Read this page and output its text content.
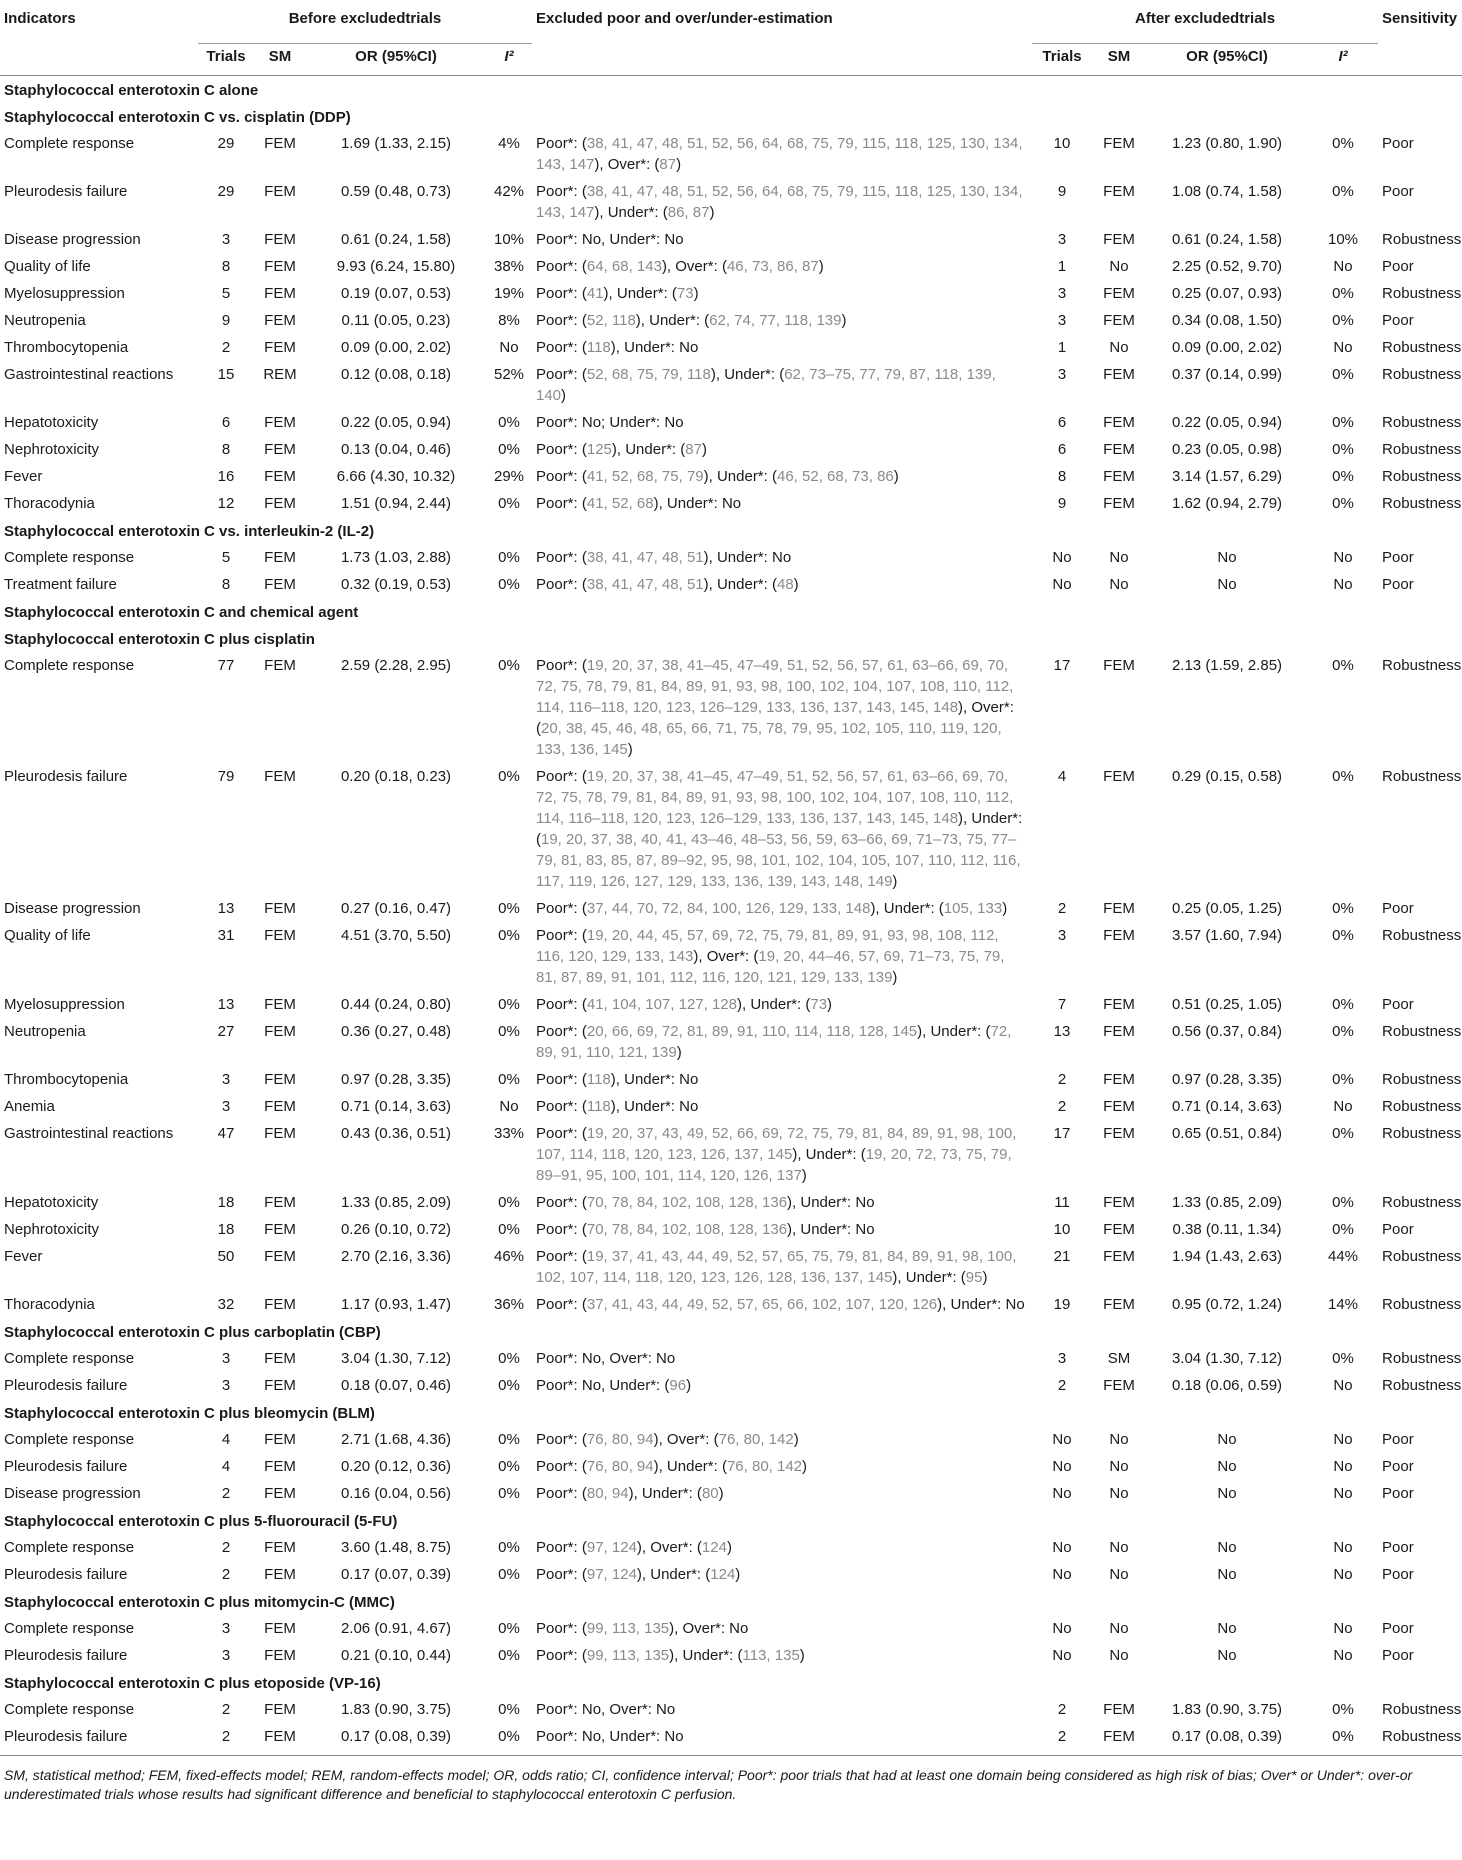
Indicators	Before excludedtrials				Excluded poor and over/under-estimation	After excludedtrials				Sensitivity
	Trials	SM	OR (95%CI)	I²		Trials	SM	OR (95%CI)	I²	
Staphylococcal enterotoxin C alone										
Staphylococcal enterotoxin C vs. cisplatin (DDP)										
Complete response	29	FEM	1.69 (1.33, 2.15)	4%	Poor*: (38, 41, 47, 48, 51, 52, 56, 64, 68, 75, 79, 115, 118, 125, 130, 134, 143, 147), Over*: (87)	10	FEM	1.23 (0.80, 1.90)	0%	Poor
Pleurodesis failure	29	FEM	0.59 (0.48, 0.73)	42%	Poor*: (38, 41, 47, 48, 51, 52, 56, 64, 68, 75, 79, 115, 118, 125, 130, 134, 143, 147), Under*: (86, 87)	9	FEM	1.08 (0.74, 1.58)	0%	Poor
Disease progression	3	FEM	0.61 (0.24, 1.58)	10%	Poor*: No, Under*: No	3	FEM	0.61 (0.24, 1.58)	10%	Robustness
Quality of life	8	FEM	9.93 (6.24, 15.80)	38%	Poor*: (64, 68, 143), Over*: (46, 73, 86, 87)	1	No	2.25 (0.52, 9.70)	No	Poor
Myelosuppression	5	FEM	0.19 (0.07, 0.53)	19%	Poor*: (41), Under*: (73)	3	FEM	0.25 (0.07, 0.93)	0%	Robustness
Neutropenia	9	FEM	0.11 (0.05, 0.23)	8%	Poor*: (52, 118), Under*: (62, 74, 77, 118, 139)	3	FEM	0.34 (0.08, 1.50)	0%	Poor
Thrombocytopenia	2	FEM	0.09 (0.00, 2.02)	No	Poor*: (118), Under*: No	1	No	0.09 (0.00, 2.02)	No	Robustness
Gastrointestinal reactions	15	REM	0.12 (0.08, 0.18)	52%	Poor*: (52, 68, 75, 79, 118), Under*: (62, 73–75, 77, 79, 87, 118, 139, 140)	3	FEM	0.37 (0.14, 0.99)	0%	Robustness
Hepatotoxicity	6	FEM	0.22 (0.05, 0.94)	0%	Poor*: No; Under*: No	6	FEM	0.22 (0.05, 0.94)	0%	Robustness
Nephrotoxicity	8	FEM	0.13 (0.04, 0.46)	0%	Poor*: (125), Under*: (87)	6	FEM	0.23 (0.05, 0.98)	0%	Robustness
Fever	16	FEM	6.66 (4.30, 10.32)	29%	Poor*: (41, 52, 68, 75, 79), Under*: (46, 52, 68, 73, 86)	8	FEM	3.14 (1.57, 6.29)	0%	Robustness
Thoracodynia	12	FEM	1.51 (0.94, 2.44)	0%	Poor*: (41, 52, 68), Under*: No	9	FEM	1.62 (0.94, 2.79)	0%	Robustness
Staphylococcal enterotoxin C vs. interleukin-2 (IL-2)										
Complete response	5	FEM	1.73 (1.03, 2.88)	0%	Poor*: (38, 41, 47, 48, 51), Under*: No	No	No	No	No	Poor
Treatment failure	8	FEM	0.32 (0.19, 0.53)	0%	Poor*: (38, 41, 47, 48, 51), Under*: (48)	No	No	No	No	Poor
Staphylococcal enterotoxin C and chemical agent										
Staphylococcal enterotoxin C plus cisplatin										
Complete response	77	FEM	2.59 (2.28, 2.95)	0%	Poor*: (19, 20, 37, 38, 41–45, 47–49, 51, 52, 56, 57, 61, 63–66, 69, 70, 72, 75, 78, 79, 81, 84, 89, 91, 93, 98, 100, 102, 104, 107, 108, 110, 112, 114, 116–118, 120, 123, 126–129, 133, 136, 137, 143, 145, 148), Over*: (20, 38, 45, 46, 48, 65, 66, 71, 75, 78, 79, 95, 102, 105, 110, 119, 120, 133, 136, 145)	17	FEM	2.13 (1.59, 2.85)	0%	Robustness
Pleurodesis failure	79	FEM	0.20 (0.18, 0.23)	0%	Poor*: (19, 20, 37, 38, 41–45, 47–49, 51, 52, 56, 57, 61, 63–66, 69, 70, 72, 75, 78, 79, 81, 84, 89, 91, 93, 98, 100, 102, 104, 107, 108, 110, 112, 114, 116–118, 120, 123, 126–129, 133, 136, 137, 143, 145, 148), Under*: (19, 20, 37, 38, 40, 41, 43–46, 48–53, 56, 59, 63–66, 69, 71–73, 75, 77–79, 81, 83, 85, 87, 89–92, 95, 98, 101, 102, 104, 105, 107, 110, 112, 116, 117, 119, 126, 127, 129, 133, 136, 139, 143, 148, 149)	4	FEM	0.29 (0.15, 0.58)	0%	Robustness
Disease progression	13	FEM	0.27 (0.16, 0.47)	0%	Poor*: (37, 44, 70, 72, 84, 100, 126, 129, 133, 148), Under*: (105, 133)	2	FEM	0.25 (0.05, 1.25)	0%	Poor
Quality of life	31	FEM	4.51 (3.70, 5.50)	0%	Poor*: (19, 20, 44, 45, 57, 69, 72, 75, 79, 81, 89, 91, 93, 98, 108, 112, 116, 120, 129, 133, 143), Over*: (19, 20, 44–46, 57, 69, 71–73, 75, 79, 81, 87, 89, 91, 101, 112, 116, 120, 121, 129, 133, 139)	3	FEM	3.57 (1.60, 7.94)	0%	Robustness
Myelosuppression	13	FEM	0.44 (0.24, 0.80)	0%	Poor*: (41, 104, 107, 127, 128), Under*: (73)	7	FEM	0.51 (0.25, 1.05)	0%	Poor
Neutropenia	27	FEM	0.36 (0.27, 0.48)	0%	Poor*: (20, 66, 69, 72, 81, 89, 91, 110, 114, 118, 128, 145), Under*: (72, 89, 91, 110, 121, 139)	13	FEM	0.56 (0.37, 0.84)	0%	Robustness
Thrombocytopenia	3	FEM	0.97 (0.28, 3.35)	0%	Poor*: (118), Under*: No	2	FEM	0.97 (0.28, 3.35)	0%	Robustness
Anemia	3	FEM	0.71 (0.14, 3.63)	No	Poor*: (118), Under*: No	2	FEM	0.71 (0.14, 3.63)	No	Robustness
Gastrointestinal reactions	47	FEM	0.43 (0.36, 0.51)	33%	Poor*: (19, 20, 37, 43, 49, 52, 66, 69, 72, 75, 79, 81, 84, 89, 91, 98, 100, 107, 114, 118, 120, 123, 126, 137, 145), Under*: (19, 20, 72, 73, 75, 79, 89–91, 95, 100, 101, 114, 120, 126, 137)	17	FEM	0.65 (0.51, 0.84)	0%	Robustness
Hepatotoxicity	18	FEM	1.33 (0.85, 2.09)	0%	Poor*: (70, 78, 84, 102, 108, 128, 136), Under*: No	11	FEM	1.33 (0.85, 2.09)	0%	Robustness
Nephrotoxicity	18	FEM	0.26 (0.10, 0.72)	0%	Poor*: (70, 78, 84, 102, 108, 128, 136), Under*: No	10	FEM	0.38 (0.11, 1.34)	0%	Poor
Fever	50	FEM	2.70 (2.16, 3.36)	46%	Poor*: (19, 37, 41, 43, 44, 49, 52, 57, 65, 75, 79, 81, 84, 89, 91, 98, 100, 102, 107, 114, 118, 120, 123, 126, 128, 136, 137, 145), Under*: (95)	21	FEM	1.94 (1.43, 2.63)	44%	Robustness
Thoracodynia	32	FEM	1.17 (0.93, 1.47)	36%	Poor*: (37, 41, 43, 44, 49, 52, 57, 65, 66, 102, 107, 120, 126), Under*: No	19	FEM	0.95 (0.72, 1.24)	14%	Robustness
Staphylococcal enterotoxin C plus carboplatin (CBP)										
Complete response	3	FEM	3.04 (1.30, 7.12)	0%	Poor*: No, Over*: No	3	SM	3.04 (1.30, 7.12)	0%	Robustness
Pleurodesis failure	3	FEM	0.18 (0.07, 0.46)	0%	Poor*: No, Under*: (96)	2	FEM	0.18 (0.06, 0.59)	No	Robustness
Staphylococcal enterotoxin C plus bleomycin (BLM)										
Complete response	4	FEM	2.71 (1.68, 4.36)	0%	Poor*: (76, 80, 94), Over*: (76, 80, 142)	No	No	No	No	Poor
Pleurodesis failure	4	FEM	0.20 (0.12, 0.36)	0%	Poor*: (76, 80, 94), Under*: (76, 80, 142)	No	No	No	No	Poor
Disease progression	2	FEM	0.16 (0.04, 0.56)	0%	Poor*: (80, 94), Under*: (80)	No	No	No	No	Poor
Staphylococcal enterotoxin C plus 5-fluorouracil (5-FU)										
Complete response	2	FEM	3.60 (1.48, 8.75)	0%	Poor*: (97, 124), Over*: (124)	No	No	No	No	Poor
Pleurodesis failure	2	FEM	0.17 (0.07, 0.39)	0%	Poor*: (97, 124), Under*: (124)	No	No	No	No	Poor
Staphylococcal enterotoxin C plus mitomycin-C (MMC)										
Complete response	3	FEM	2.06 (0.91, 4.67)	0%	Poor*: (99, 113, 135), Over*: No	No	No	No	No	Poor
Pleurodesis failure	3	FEM	0.21 (0.10, 0.44)	0%	Poor*: (99, 113, 135), Under*: (113, 135)	No	No	No	No	Poor
Staphylococcal enterotoxin C plus etoposide (VP-16)										
Complete response	2	FEM	1.83 (0.90, 3.75)	0%	Poor*: No, Over*: No	2	FEM	1.83 (0.90, 3.75)	0%	Robustness
Pleurodesis failure	2	FEM	0.17 (0.08, 0.39)	0%	Poor*: No, Under*: No	2	FEM	0.17 (0.08, 0.39)	0%	Robustness
SM, statistical method; FEM, fixed-effects model; REM, random-effects model; OR, odds ratio; CI, confidence interval; Poor*: poor trials that had at least one domain being considered as high risk of bias; Over* or Under*: over-or underestimated trials whose results had significant difference and beneficial to staphylococcal enterotoxin C perfusion.										
